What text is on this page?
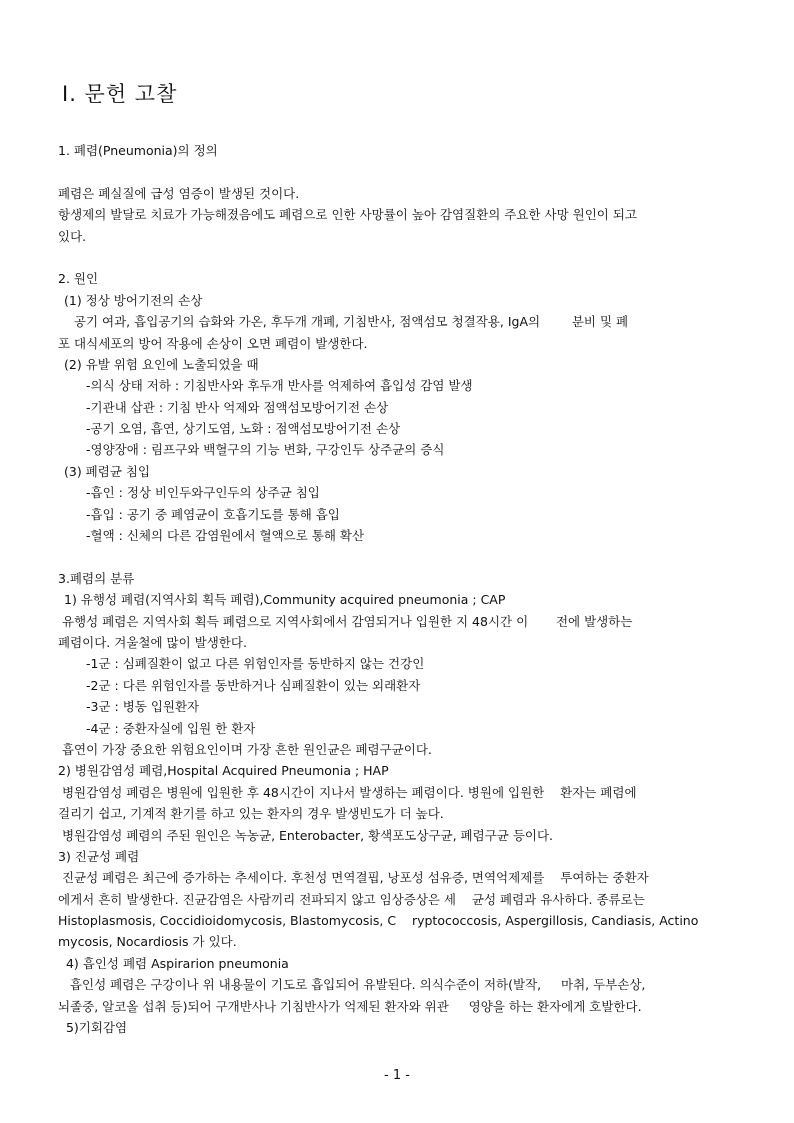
Ⅰ. 문헌 고찰
1. 폐렴(Pneumonia)의 정의
폐렴은 폐실질에 급성 염증이 발생된 것이다.
항생제의 발달로 치료가 가능해졌음에도 폐렴으로 인한 사망률이 높아 감염질환의 주요한 사망 원인이 되고
있다.
2. 원인
(1) 정상 방어기전의 손상
공기 여과, 흡입공기의 습화와 가온, 후두개 개폐, 기침반사, 점액섬모 청결작용, IgA의        분비 및 폐
포 대식세포의 방어 작용에 손상이 오면 폐렴이 발생한다.
(2) 유발 위험 요인에 노출되었을 때
-의식 상태 저하 : 기침반사와 후두개 반사를 억제하여 흡입성 감염 발생
-기관내 삽관 : 기침 반사 억제와 점액섬모방어기전 손상
-공기 오염, 흡연, 상기도염, 노화 : 점액섬모방어기전 손상
-영양장애 : 림프구와 백혈구의 기능 변화, 구강인두 상주균의 증식
(3) 폐렴균 침입
-흡인 : 정상 비인두와구인두의 상주균 침입
-흡입 : 공기 중 폐염균이 호흡기도를 통해 흡입
-혈액 : 신체의 다른 감염원에서 혈액으로 통해 확산
3.폐렴의 분류
1) 유행성 폐렴(지역사회 획득 폐렴),Community acquired pneumonia ; CAP
유행성 폐렴은 지역사회 획득 폐렴으로 지역사회에서 감염되거나 입원한 지 48시간 이       전에 발생하는
폐렴이다. 겨울철에 많이 발생한다.
-1군 : 심폐질환이 없고 다른 위험인자를 동반하지 않는 건강인
-2군 : 다른 위험인자를 동반하거나 심폐질환이 있는 외래환자
-3군 : 병동 입원환자
-4군 : 중환자실에 입원 한 환자
흡연이 가장 중요한 위험요인이며 가장 흔한 원인균은 폐렴구균이다.
2) 병원감염성 폐렴,Hospital Acquired Pneumonia ; HAP
병원감염성 폐렴은 병원에 입원한 후 48시간이 지나서 발생하는 폐렴이다. 병원에 입원한    환자는 폐렴에
걸리기 쉽고, 기계적 환기를 하고 있는 환자의 경우 발생빈도가 더 높다.
병원감염성 폐렴의 주된 원인은 녹농균, Enterobacter, 황색포도상구균, 폐렴구균 등이다.
3) 진균성 폐렴
진균성 폐렴은 최근에 증가하는 추세이다. 후천성 면역결핍, 낭포성 섬유증, 면역억제제를    투여하는 중환자
에게서 흔히 발생한다. 진균감염은 사람끼리 전파되지 않고 임상증상은 세    균성 폐렴과 유사하다. 종류로는
Histoplasmosis, Coccidioidomycosis, Blastomycosis, C    ryptococcosis, Aspergillosis, Candiasis, Actino
mycosis, Nocardiosis 가 있다.
4) 흡인성 폐렴 Aspirarion pneumonia
흡인성 폐렴은 구강이나 위 내용물이 기도로 흡입되어 유발된다. 의식수준이 저하(발작,     마취, 두부손상,
뇌졸중, 알코올 섭취 등)되어 구개반사나 기침반사가 억제된 환자와 위관     영양을 하는 환자에게 호발한다.
5)기회감염
- 1 -
